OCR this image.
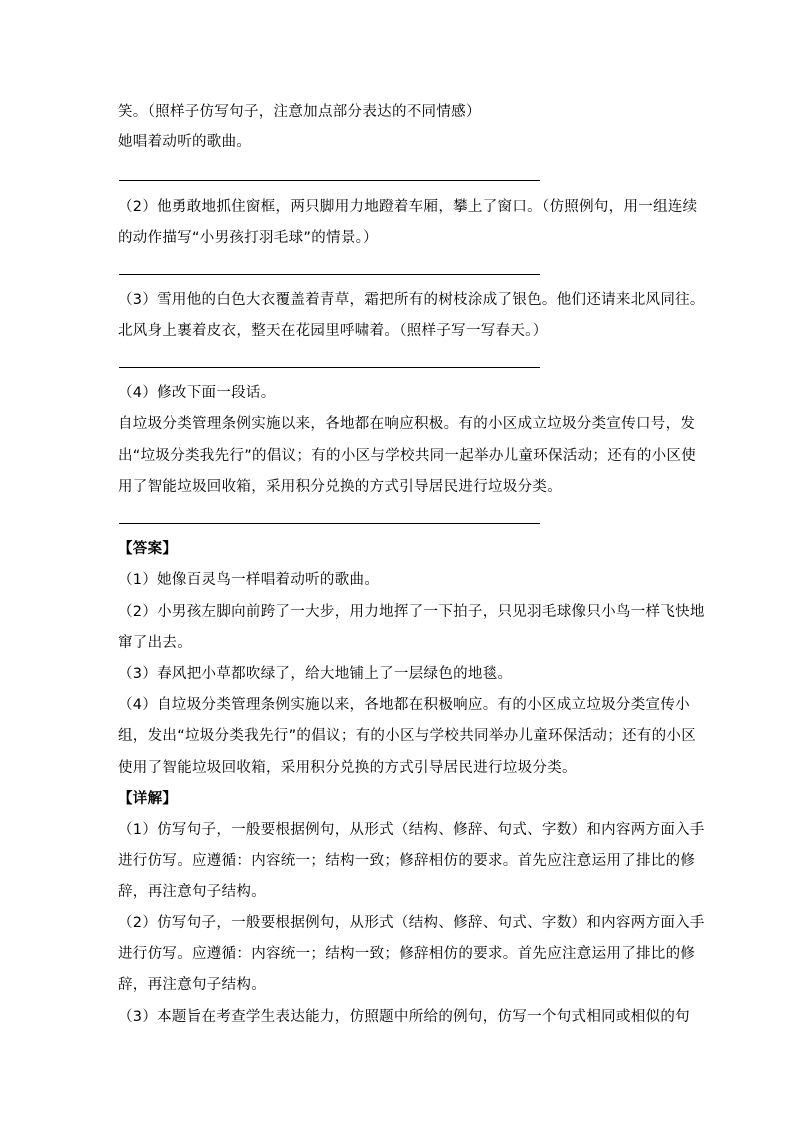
笑。（照样子仿写句子，注意加点部分表达的不同情感）
她唱着动听的歌曲。
（2）他勇敢地抓住窗框，两只脚用力地蹬着车厢，攀上了窗口。（仿照例句，用一组连续
的动作描写“小男孩打羽毛球”的情景。）
（3）雪用他的白色大衣覆盖着青草，霜把所有的树枝涂成了银色。他们还请来北风同往。
北风身上裹着皮衣，整天在花园里呼啸着。（照样子写一写春天。）
（4）修改下面一段话。
自垃圾分类管理条例实施以来，各地都在响应积极。有的小区成立垃圾分类宣传口号，发
出“垃圾分类我先行”的倡议；有的小区与学校共同一起举办儿童环保活动；还有的小区使
用了智能垃圾回收箱，采用积分兑换的方式引导居民进行垃圾分类。
【答案】
（1）她像百灵鸟一样唱着动听的歌曲。
（2）小男孩左脚向前跨了一大步，用力地挥了一下拍子，只见羽毛球像只小鸟一样飞快地
窜了出去。
（3）春风把小草都吹绿了，给大地铺上了一层绿色的地毯。
（4）自垃圾分类管理条例实施以来，各地都在积极响应。有的小区成立垃圾分类宣传小
组，发出“垃圾分类我先行”的倡议；有的小区与学校共同举办儿童环保活动；还有的小区
使用了智能垃圾回收箱，采用积分兑换的方式引导居民进行垃圾分类。
【详解】
（1）仿写句子，一般要根据例句，从形式（结构、修辞、句式、字数）和内容两方面入手
进行仿写。应遵循：内容统一；结构一致；修辞相仿的要求。首先应注意运用了排比的修
辞，再注意句子结构。
（2）仿写句子，一般要根据例句，从形式（结构、修辞、句式、字数）和内容两方面入手
进行仿写。应遵循：内容统一；结构一致；修辞相仿的要求。首先应注意运用了排比的修
辞，再注意句子结构。
（3）本题旨在考查学生表达能力，仿照题中所给的例句，仿写一个句式相同或相似的句
